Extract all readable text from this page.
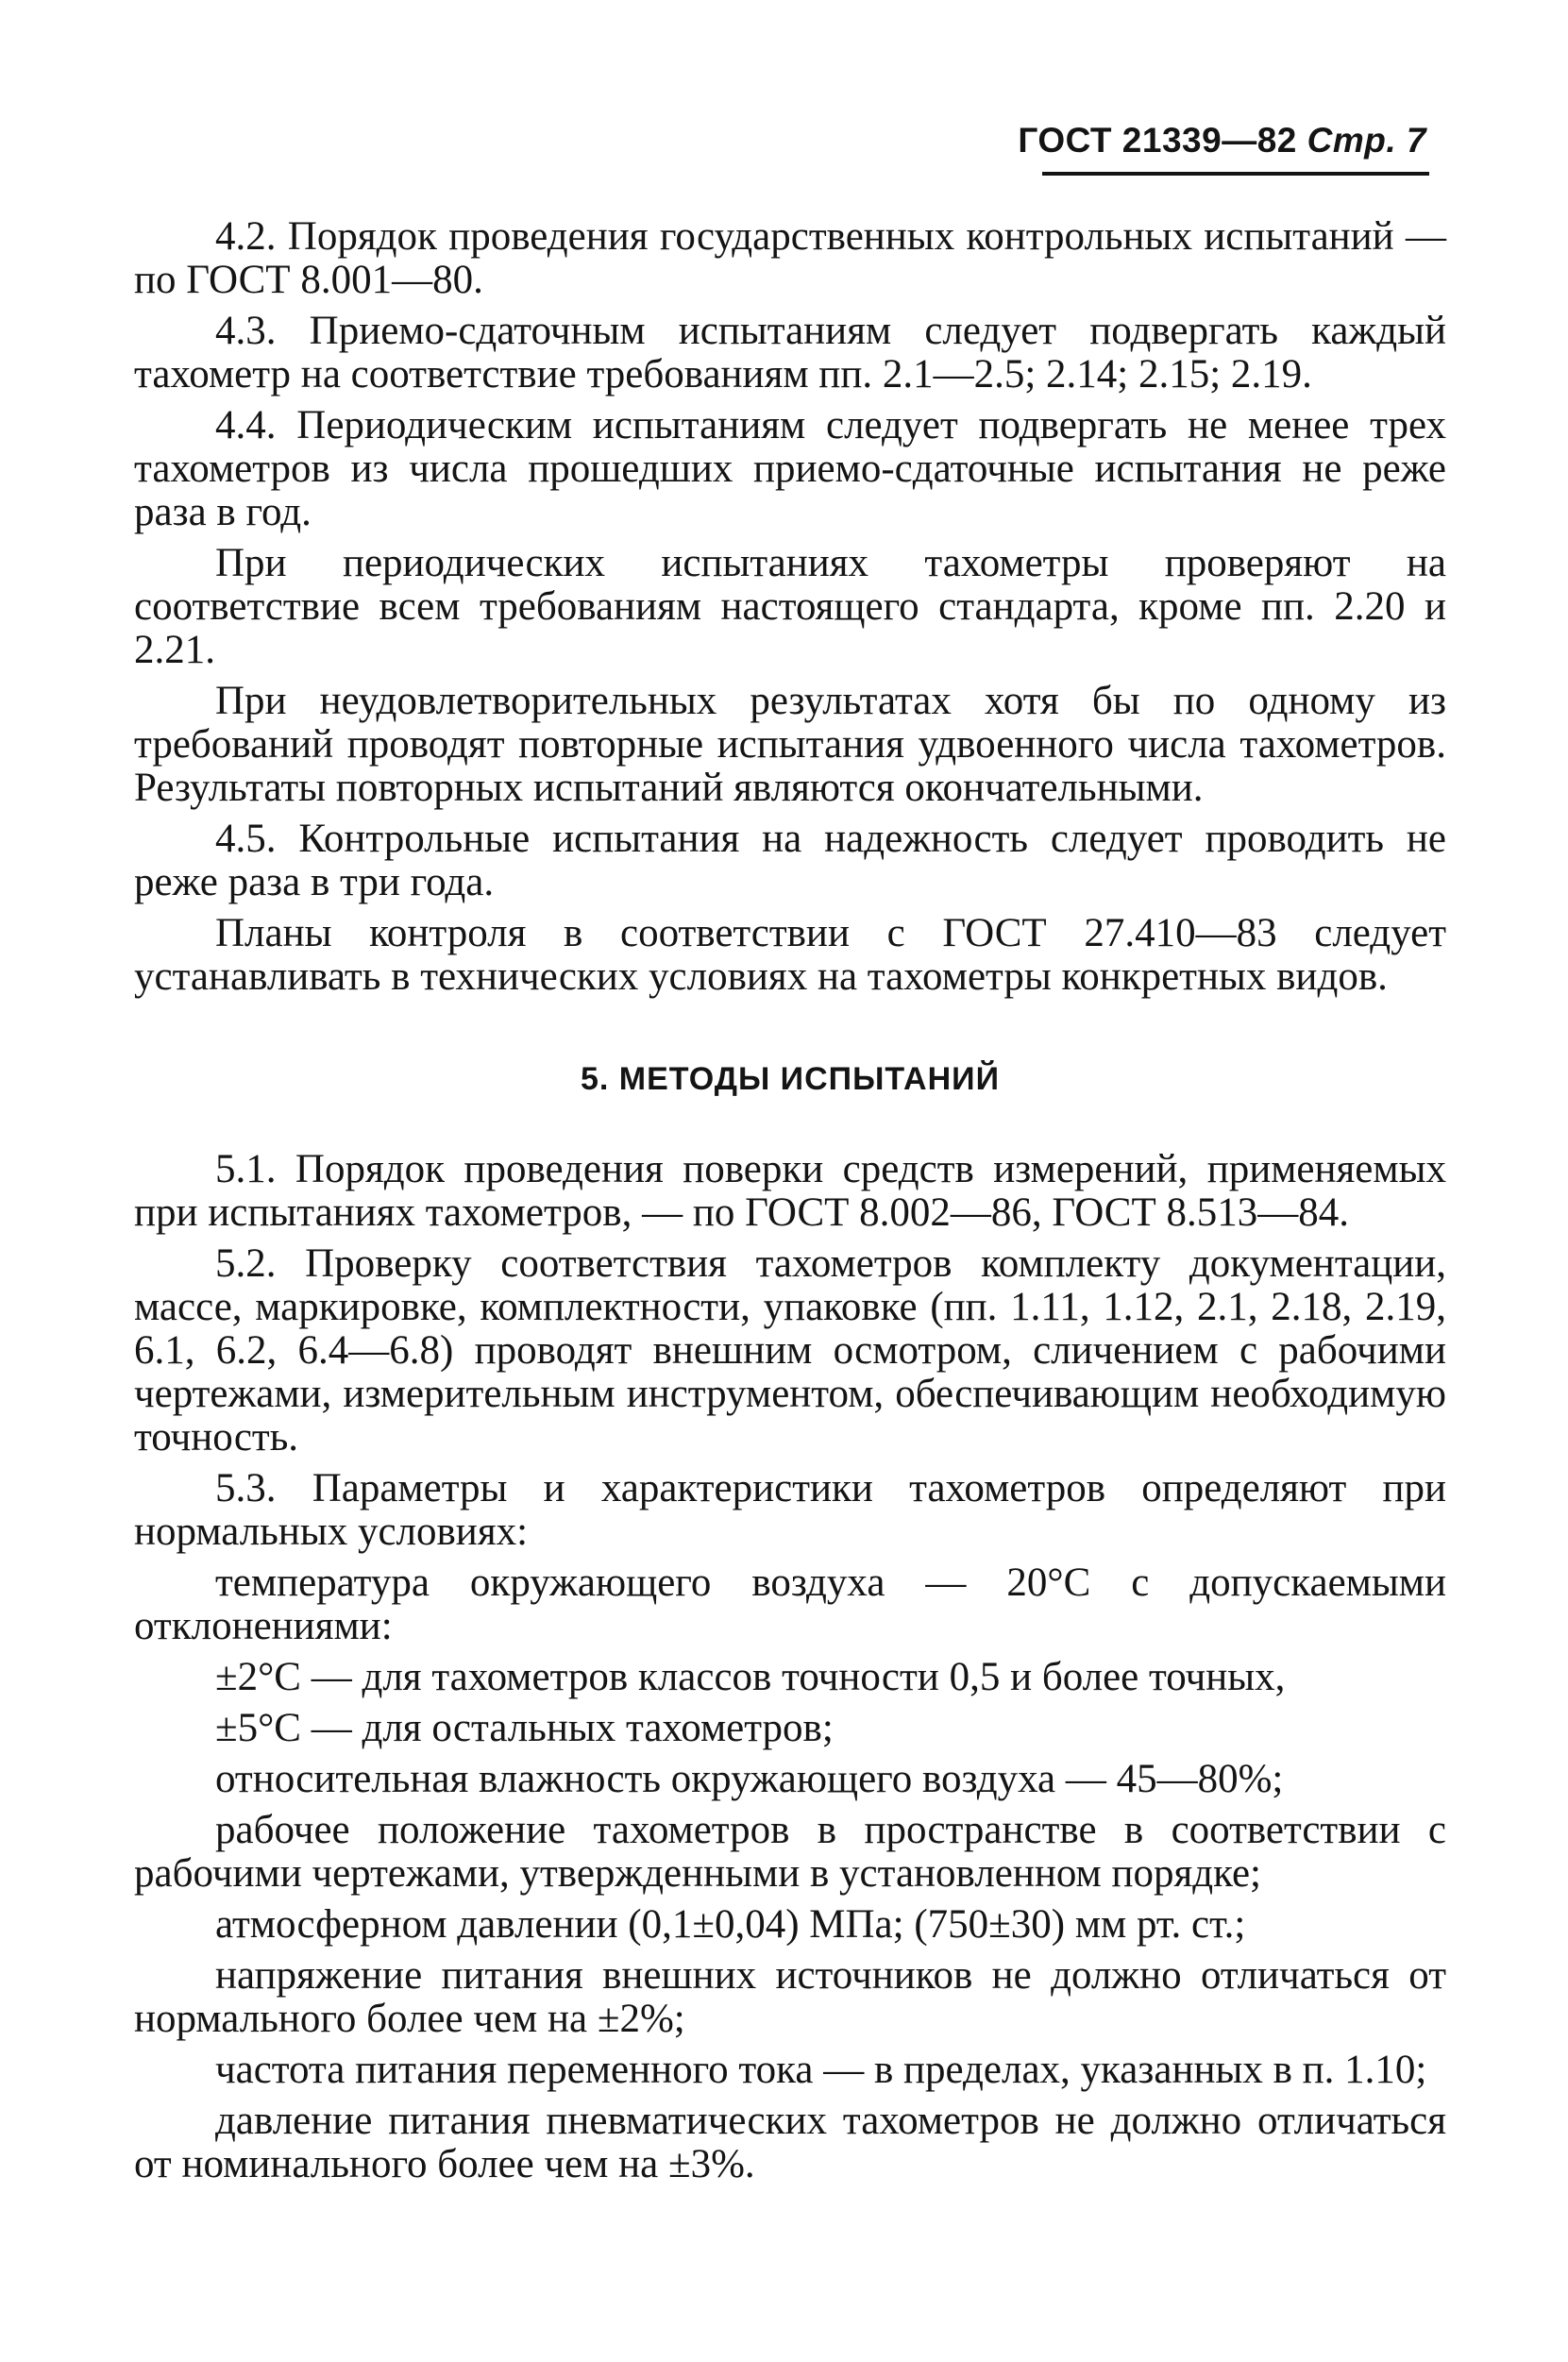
ГОСТ 21339—82 Стр. 7

4.2. Порядок проведения государственных контрольных испытаний — по ГОСТ 8.001—80.

4.3. Приемо-сдаточным испытаниям следует подвергать каждый тахометр на соответствие требованиям пп. 2.1—2.5; 2.14; 2.15; 2.19.

4.4. Периодическим испытаниям следует подвергать не менее трех тахометров из числа прошедших приемо-сдаточные испытания не реже раза в год.

При периодических испытаниях тахометры проверяют на соответствие всем требованиям настоящего стандарта, кроме пп. 2.20 и 2.21.

При неудовлетворительных результатах хотя бы по одному из требований проводят повторные испытания удвоенного числа тахометров. Результаты повторных испытаний являются окончательными.

4.5. Контрольные испытания на надежность следует проводить не реже раза в три года.

Планы контроля в соответствии с ГОСТ 27.410—83 следует устанавливать в технических условиях на тахометры конкретных видов.

5. МЕТОДЫ ИСПЫТАНИЙ

5.1. Порядок проведения поверки средств измерений, применяемых при испытаниях тахометров, — по ГОСТ 8.002—86, ГОСТ 8.513—84.

5.2. Проверку соответствия тахометров комплекту документации, массе, маркировке, комплектности, упаковке (пп. 1.11, 1.12, 2.1, 2.18, 2.19, 6.1, 6.2, 6.4—6.8) проводят внешним осмотром, сличением с рабочими чертежами, измерительным инструментом, обеспечивающим необходимую точность.

5.3. Параметры и характеристики тахометров определяют при нормальных условиях:

температура окружающего воздуха — 20°С с допускаемыми отклонениями:

±2°С — для тахометров классов точности 0,5 и более точных,

±5°С — для остальных тахометров;

относительная влажность окружающего воздуха — 45—80%;

рабочее положение тахометров в пространстве в соответствии с рабочими чертежами, утвержденными в установленном порядке;

атмосферном давлении (0,1±0,04) МПа; (750±30) мм рт. ст.;

напряжение питания внешних источников не должно отличаться от нормального более чем на ±2%;

частота питания переменного тока — в пределах, указанных в п. 1.10;

давление питания пневматических тахометров не должно отличаться от номинального более чем на ±3%.
